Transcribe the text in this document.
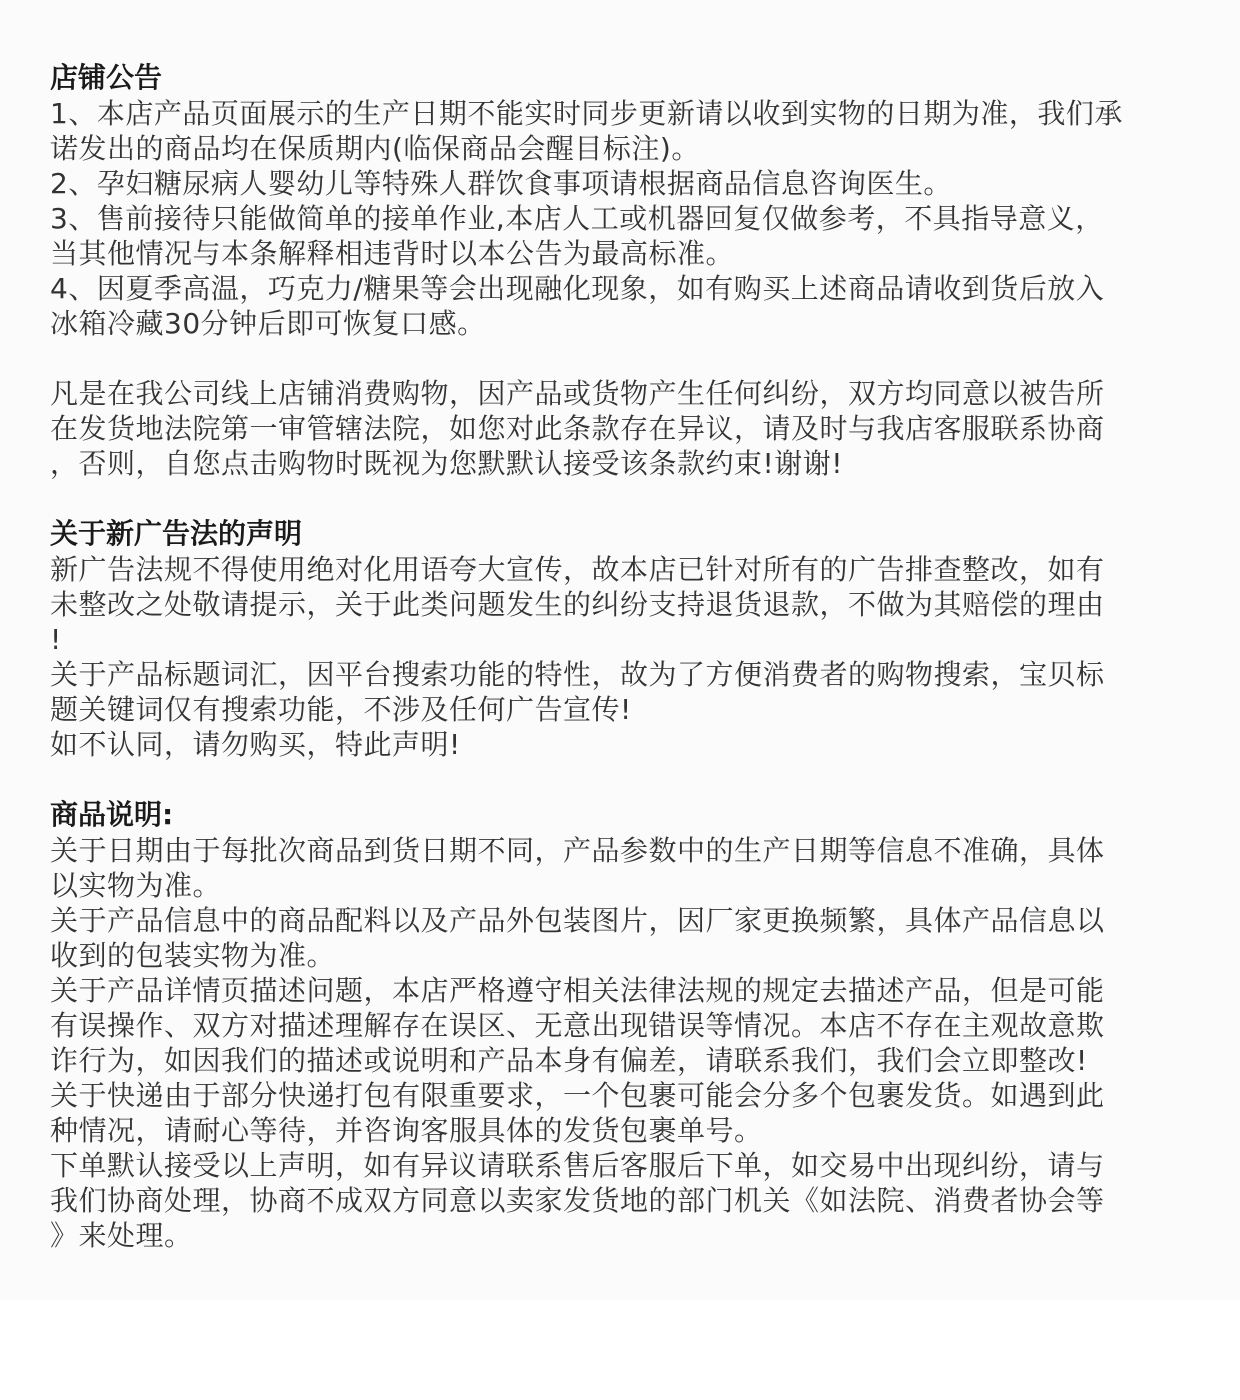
店铺公告

1、本店产品页面展示的生产日期不能实时同步更新请以收到实物的日期为准，我们承

诺发出的商品均在保质期内(临保商品会醒目标注)。

2、孕妇糖尿病人婴幼儿等特殊人群饮食事项请根据商品信息咨询医生。

3、售前接待只能做简单的接单作业,本店人工或机器回复仅做参考，不具指导意义，

当其他情况与本条解释相违背时以本公告为最高标准。

4、因夏季高温，巧克力/糖果等会出现融化现象，如有购买上述商品请收到货后放入

冰箱冷藏30分钟后即可恢复口感。

凡是在我公司线上店铺消费购物，因产品或货物产生任何纠纷，双方均同意以被告所

在发货地法院第一审管辖法院，如您对此条款存在异议，请及时与我店客服联系协商

，否则，自您点击购物时既视为您默默认接受该条款约束!谢谢!

关于新广告法的声明

新广告法规不得使用绝对化用语夸大宣传，故本店已针对所有的广告排查整改，如有

未整改之处敬请提示，关于此类问题发生的纠纷支持退货退款，不做为其赔偿的理由

!

关于产品标题词汇，因平台搜索功能的特性，故为了方便消费者的购物搜索，宝贝标

题关键词仅有搜索功能，不涉及任何广告宣传!

如不认同，请勿购买，特此声明!

商品说明:

关于日期由于每批次商品到货日期不同，产品参数中的生产日期等信息不准确，具体

以实物为准。

关于产品信息中的商品配料以及产品外包装图片，因厂家更换频繁，具体产品信息以

收到的包装实物为准。

关于产品详情页描述问题，本店严格遵守相关法律法规的规定去描述产品，但是可能

有误操作、双方对描述理解存在误区、无意出现错误等情况。本店不存在主观故意欺

诈行为，如因我们的描述或说明和产品本身有偏差，请联系我们，我们会立即整改!

关于快递由于部分快递打包有限重要求，一个包裹可能会分多个包裹发货。如遇到此

种情况，请耐心等待，并咨询客服具体的发货包裹单号。

下单默认接受以上声明，如有异议请联系售后客服后下单，如交易中出现纠纷，请与

我们协商处理，协商不成双方同意以卖家发货地的部门机关《如法院、消费者协会等

》来处理。
